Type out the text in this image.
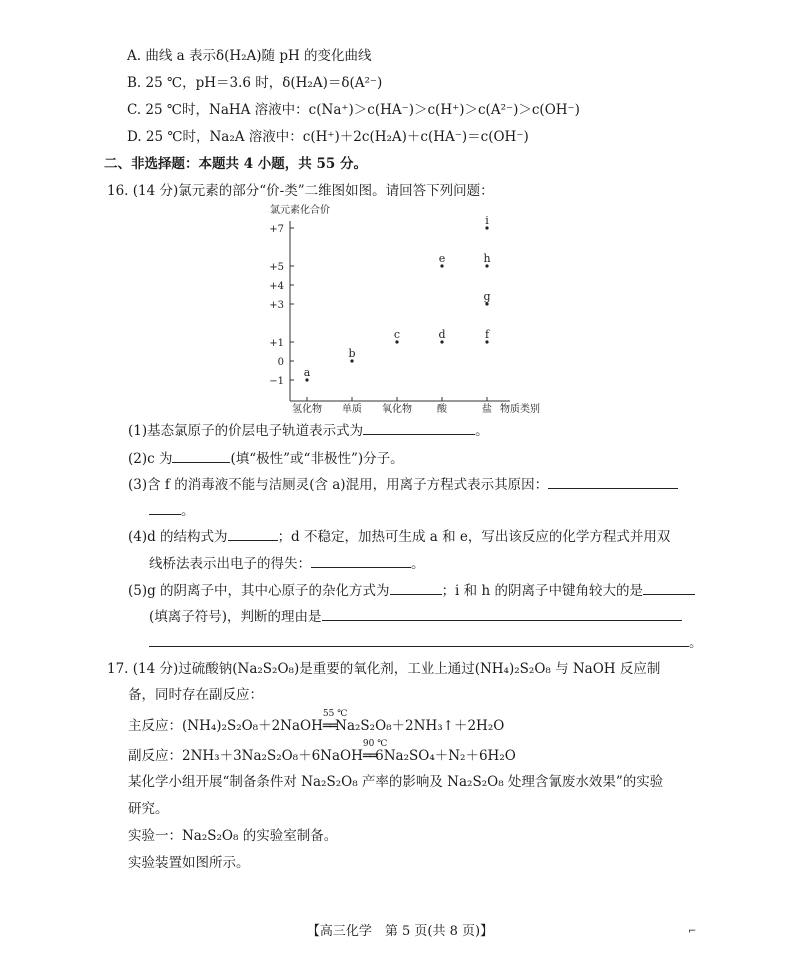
A. 曲线 a 表示δ(H₂A)随 pH 的变化曲线
B. 25 ℃，pH＝3.6 时，δ(H₂A)＝δ(A²⁻)
C. 25 ℃时，NaHA 溶液中：c(Na⁺)＞c(HA⁻)＞c(H⁺)＞c(A²⁻)＞c(OH⁻)
D. 25 ℃时，Na₂A 溶液中：c(H⁺)＋2c(H₂A)＋c(HA⁻)＝c(OH⁻)
二、非选择题：本题共 4 小题，共 55 分。
16. (14 分)氯元素的部分“价-类”二维图如图。请回答下列问题：
氯元素化合价
+7
+5
+4
+3
+1
0
−1
氢化物 单质 氧化物	酸	盐
a
b
c	d
e
f
g
h
i
物质类别
(1)基态氯原子的价层电子轨道表示式为	。
(2)c 为	(填“极性”或“非极性”)分子。
(3)含 f 的消毒液不能与洁厕灵(含 a)混用，用离子方程式表示其原因：
。
(4)d 的结构式为	；d 不稳定，加热可生成 a 和 e，写出该反应的化学方程式并用双
线桥法表示出电子的得失：	。
(5)g 的阴离子中，其中心原子的杂化方式为	；i 和 h 的阴离子中键角较大的是
(填离子符号)，判断的理由是
。
17. (14 分)过硫酸钠(Na₂S₂O₈)是重要的氧化剂，工业上通过(NH₄)₂S₂O₈ 与 NaOH 反应制
备，同时存在副反应：
主反应：(NH₄)₂S₂O₈＋2NaOH
55 ℃
══Na₂S₂O₈＋2NH₃↑＋2H₂O
副反应：2NH₃＋3Na₂S₂O₈＋6NaOH
90 ℃
══6Na₂SO₄＋N₂＋6H₂O
某化学小组开展“制备条件对 Na₂S₂O₈ 产率的影响及 Na₂S₂O₈ 处理含氰废水效果”的实验
研究。
实验一：Na₂S₂O₈ 的实验室制备。
实验装置如图所示。
【高三化学　第 5 页(共 8 页)】	⌐
